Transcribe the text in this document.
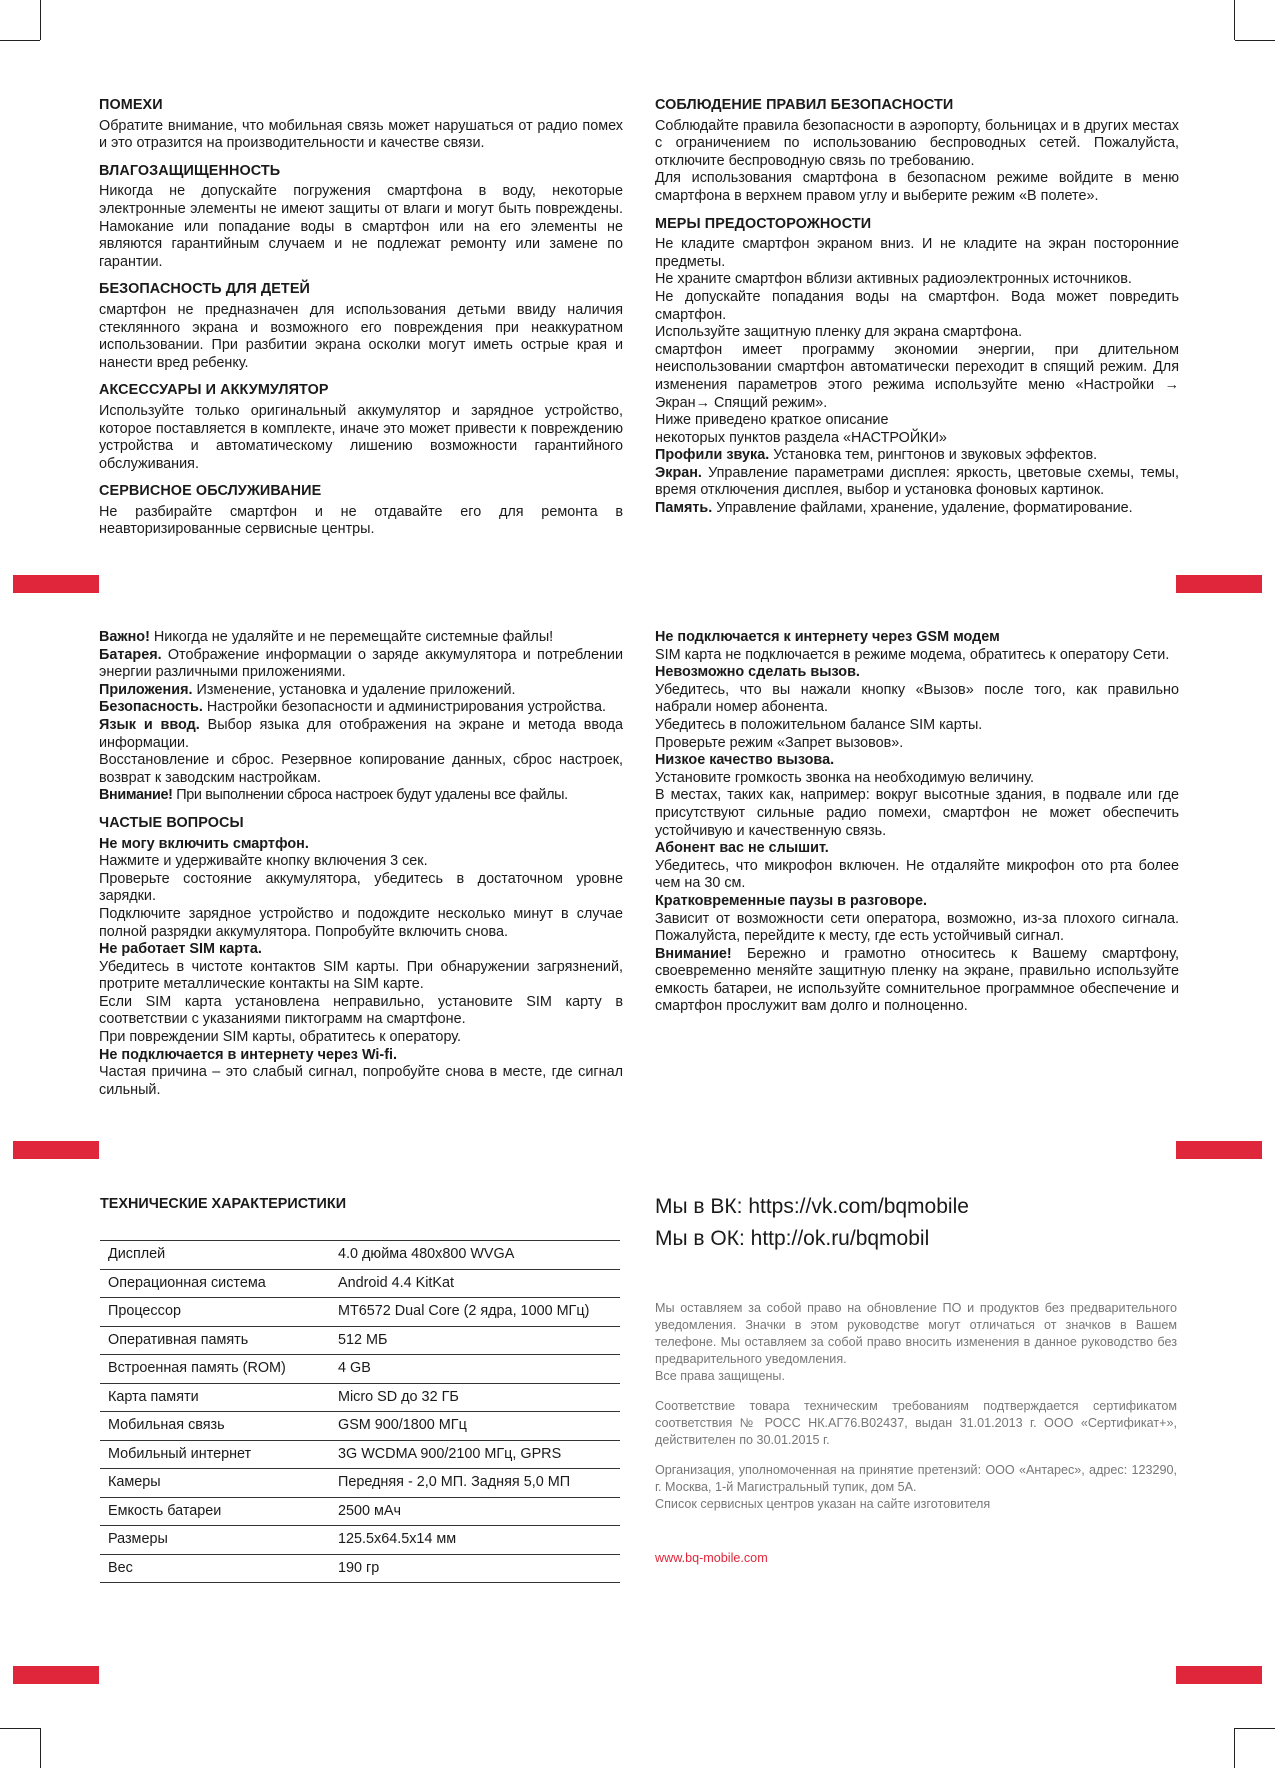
ПОМЕХИ

Обратите внимание, что мобильная связь может нарушаться от радио помех и это отразится на производительности и качестве связи.

ВЛАГОЗАЩИЩЕННОСТЬ

Никогда не допускайте погружения смартфона в воду, некоторые электронные элементы не имеют защиты от влаги и могут быть повреждены. Намокание или попадание воды в смартфон или на его элементы не являются гарантийным случаем и не подлежат ремонту или замене по гарантии.

БЕЗОПАСНОСТЬ ДЛЯ ДЕТЕЙ

смартфон не предназначен для использования детьми ввиду наличия стеклянного экрана и возможного его повреждения при неаккуратном использовании. При разбитии экрана осколки могут иметь острые края и нанести вред ребенку.

АКСЕССУАРЫ И АККУМУЛЯТОР

Используйте только оригинальный аккумулятор и зарядное устройство, которое поставляется в комплекте, иначе это может привести к повреждению устройства и автоматическому лишению возможности гарантийного обслуживания.

СЕРВИСНОЕ ОБСЛУЖИВАНИЕ

Не разбирайте смартфон и не отдавайте его для ремонта в неавторизированные сервисные центры.

СОБЛЮДЕНИЕ ПРАВИЛ БЕЗОПАСНОСТИ

Соблюдайте правила безопасности в аэропорту, больницах и в других местах с ограничением по использованию беспроводных сетей. Пожалуйста, отключите беспроводную связь по требованию.

Для использования смартфона в безопасном режиме войдите в меню смартфона в верхнем правом углу и выберите режим «В полете».

МЕРЫ ПРЕДОСТОРОЖНОСТИ

Не кладите смартфон экраном вниз. И не кладите на экран посторонние предметы.

Не храните смартфон вблизи активных радиоэлектронных источников.

Не допускайте попадания воды на смартфон. Вода может повредить смартфон.

Используйте защитную пленку для экрана смартфона.

смартфон имеет программу экономии энергии, при длительном неиспользовании смартфон автоматически переходит в спящий режим. Для изменения параметров этого режима используйте меню «Настройки → Экран→ Спящий режим».

Ниже приведено краткое описание

некоторых пунктов раздела «НАСТРОЙКИ»

Профили звука. Установка тем, рингтонов и звуковых эффектов.

Экран. Управление параметрами дисплея: яркость, цветовые схемы, темы, время отключения дисплея, выбор и установка фоновых картинок.

Память. Управление файлами, хранение, удаление, форматирование.

Важно! Никогда не удаляйте и не перемещайте системные файлы!

Батарея. Отображение информации о заряде аккумулятора и потреблении энергии различными приложениями.

Приложения. Изменение, установка и удаление приложений.

Безопасность. Настройки безопасности и администрирования устройства.

Язык и ввод. Выбор языка для отображения на экране и метода ввода информации.

Восстановление и сброс. Резервное копирование данных, сброс настроек, возврат к заводским настройкам.

Внимание! При выполнении сброса настроек будут удалены все файлы.

ЧАСТЫЕ ВОПРОСЫ

Не могу включить смартфон.

Нажмите и удерживайте кнопку включения 3 сек.

Проверьте состояние аккумулятора, убедитесь в достаточном уровне зарядки.

Подключите зарядное устройство и подождите несколько минут в случае полной разрядки аккумулятора. Попробуйте включить снова.

Не работает SIM карта.

Убедитесь в чистоте контактов SIM карты. При обнаружении загрязнений, протрите металлические контакты на SIM карте.

Если SIM карта установлена неправильно, установите SIM карту в соответствии с указаниями пиктограмм на смартфоне.

При повреждении SIM карты, обратитесь к оператору.

Не подключается в интернету через Wi-fi.

Частая причина – это слабый сигнал, попробуйте снова в месте, где сигнал сильный.

Не подключается к интернету через GSM модем

SIM карта не подключается в режиме модема, обратитесь к оператору Сети.

Невозможно сделать вызов.

Убедитесь, что вы нажали кнопку «Вызов» после того, как правильно набрали номер абонента.

Убедитесь в положительном балансе SIM карты.

Проверьте режим «Запрет вызовов».

Низкое качество вызова.

Установите громкость звонка на необходимую величину.

В местах, таких как, например: вокруг высотные здания, в подвале или где присутствуют сильные радио помехи, смартфон не может обеспечить устойчивую и качественную связь.

Абонент вас не слышит.

Убедитесь, что микрофон включен. Не отдаляйте микрофон ото рта более чем на 30 см.

Кратковременные паузы в разговоре.

Зависит от возможности сети оператора, возможно, из-за плохого сигнала. Пожалуйста, перейдите к месту, где есть устойчивый сигнал.

Внимание! Бережно и грамотно относитесь к Вашему смартфону, своевременно меняйте защитную пленку на экране, правильно используйте емкость батареи, не используйте сомнительное программное обеспечение и смартфон прослужит вам долго и полноценно.

ТЕХНИЧЕСКИЕ ХАРАКТЕРИСТИКИ
Дисплей	4.0 дюйма 480x800 WVGA
Операционная система	Android 4.4 KitKat
Процессор	MT6572 Dual Core (2 ядра, 1000 МГц)
Оперативная память	512 МБ
Встроенная память (ROM)	4 GB
Карта памяти	Micro SD до 32 ГБ
Мобильная связь	GSM 900/1800 МГц
Мобильный интернет	3G WCDMA 900/2100 МГц, GPRS
Камеры	Передняя - 2,0 МП. Задняя 5,0 МП
Емкость батареи	2500 мАч
Размеры	125.5x64.5x14 мм
Вес	190 гр

Мы в ВК: https://vk.com/bqmobile

Мы в ОК: http://ok.ru/bqmobil

Мы оставляем за собой право на обновление ПО и продуктов без предварительного уведомления. Значки в этом руководстве могут отличаться от значков в Вашем телефоне. Мы оставляем за собой право вносить изменения в данное руководство без предварительного уведомления.

Все права защищены.

Соответствие товара техническим требованиям подтверждается сертификатом соответствия № РОСС НК.АГ76.В02437, выдан 31.01.2013 г. ООО «Сертификат+», действителен по 30.01.2015 г.

Организация, уполномоченная на принятие претензий: ООО «Антарес», адрес: 123290, г. Москва, 1-й Магистральный тупик, дом 5А.

Список сервисных центров указан на сайте изготовителя

www.bq-mobile.com
